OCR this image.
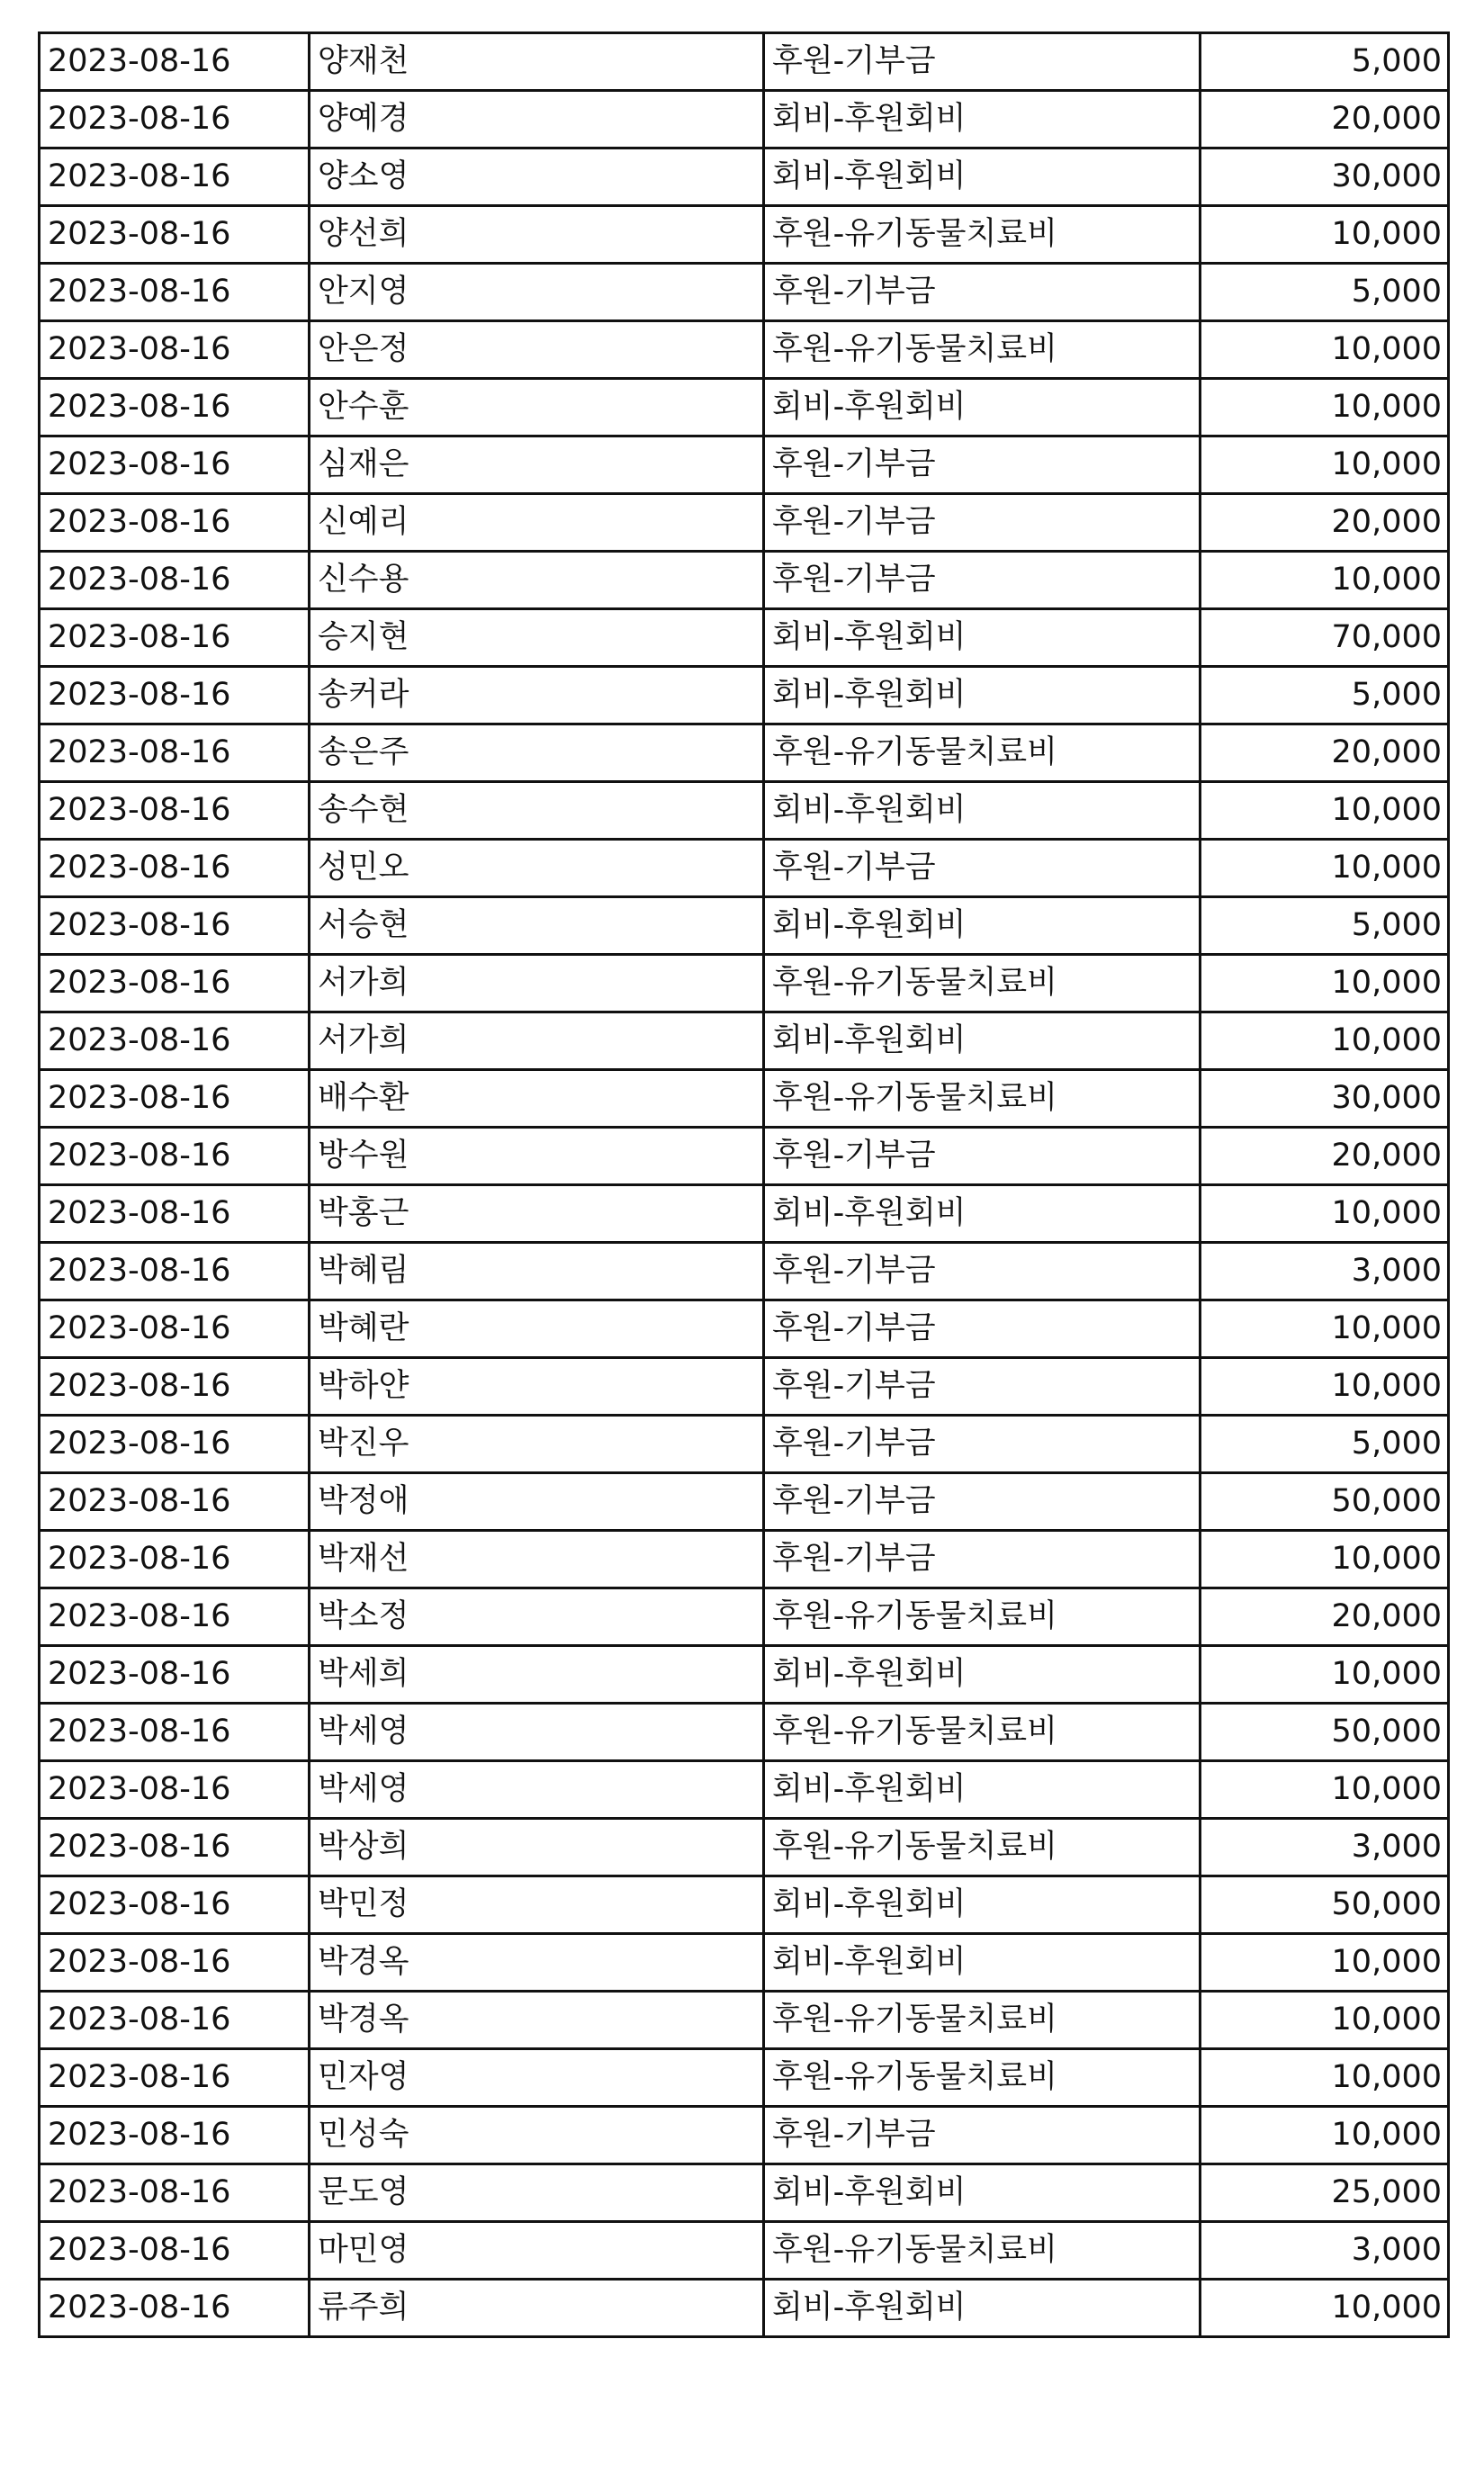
2023-08-16	양재천	후원-기부금	5,000
2023-08-16	양예경	회비-후원회비	20,000
2023-08-16	양소영	회비-후원회비	30,000
2023-08-16	양선희	후원-유기동물치료비	10,000
2023-08-16	안지영	후원-기부금	5,000
2023-08-16	안은정	후원-유기동물치료비	10,000
2023-08-16	안수훈	회비-후원회비	10,000
2023-08-16	심재은	후원-기부금	10,000
2023-08-16	신예리	후원-기부금	20,000
2023-08-16	신수용	후원-기부금	10,000
2023-08-16	승지현	회비-후원회비	70,000
2023-08-16	송커라	회비-후원회비	5,000
2023-08-16	송은주	후원-유기동물치료비	20,000
2023-08-16	송수현	회비-후원회비	10,000
2023-08-16	성민오	후원-기부금	10,000
2023-08-16	서승현	회비-후원회비	5,000
2023-08-16	서가희	후원-유기동물치료비	10,000
2023-08-16	서가희	회비-후원회비	10,000
2023-08-16	배수환	후원-유기동물치료비	30,000
2023-08-16	방수원	후원-기부금	20,000
2023-08-16	박홍근	회비-후원회비	10,000
2023-08-16	박혜림	후원-기부금	3,000
2023-08-16	박혜란	후원-기부금	10,000
2023-08-16	박하얀	후원-기부금	10,000
2023-08-16	박진우	후원-기부금	5,000
2023-08-16	박정애	후원-기부금	50,000
2023-08-16	박재선	후원-기부금	10,000
2023-08-16	박소정	후원-유기동물치료비	20,000
2023-08-16	박세희	회비-후원회비	10,000
2023-08-16	박세영	후원-유기동물치료비	50,000
2023-08-16	박세영	회비-후원회비	10,000
2023-08-16	박상희	후원-유기동물치료비	3,000
2023-08-16	박민정	회비-후원회비	50,000
2023-08-16	박경옥	회비-후원회비	10,000
2023-08-16	박경옥	후원-유기동물치료비	10,000
2023-08-16	민자영	후원-유기동물치료비	10,000
2023-08-16	민성숙	후원-기부금	10,000
2023-08-16	문도영	회비-후원회비	25,000
2023-08-16	마민영	후원-유기동물치료비	3,000
2023-08-16	류주희	회비-후원회비	10,000
